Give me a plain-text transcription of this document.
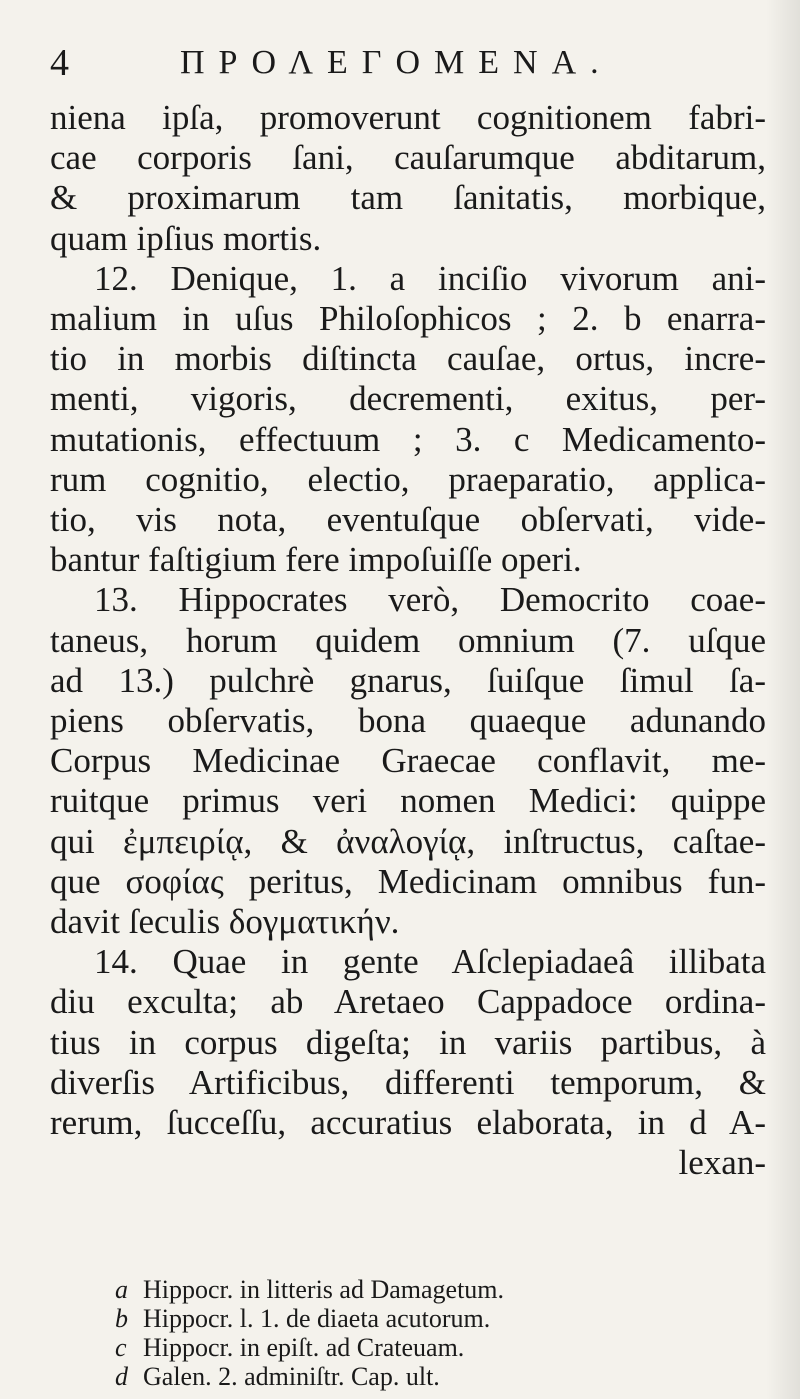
4	ΠΡΟΛΕΓΟΜΕΝΑ.
niena ipſa, promoverunt cognitionem fabri-
cae corporis ſani, cauſarumque abditarum,
& proximarum tam ſanitatis, morbique,
quam ipſius mortis.
12. Denique, 1. a inciſio vivorum ani-
malium in uſus Philoſophicos ; 2. b enarra-
tio in morbis diſtincta cauſae, ortus, incre-
menti, vigoris, decrementi, exitus, per-
mutationis, effectuum ; 3. c Medicamento-
rum cognitio, electio, praeparatio, applica-
tio, vis nota, eventuſque obſervati, vide-
bantur faſtigium fere impoſuiſſe operi.
13. Hippocrates verò, Democrito coae-
taneus, horum quidem omnium (7. uſque
ad 13.) pulchrè gnarus, ſuiſque ſimul ſa-
piens obſervatis, bona quaeque adunando
Corpus Medicinae Graecae conflavit, me-
ruitque primus veri nomen Medici: quippe
qui ἐμπειρίᾳ, & ἀναλογίᾳ, inſtructus, caſtae-
que σοφίας peritus, Medicinam omnibus fun-
davit ſeculis δογματικήν.
14. Quae in gente Aſclepiadaeâ illibata
diu exculta; ab Aretaeo Cappadoce ordina-
tius in corpus digeſta; in variis partibus, à
diverſis Artificibus, differenti temporum, &
rerum, ſucceſſu, accuratius elaborata, in d A-
lexan-
a Hippocr. in litteris ad Damagetum.
b Hippocr. l. 1. de diaeta acutorum.
c Hippocr. in epiſt. ad Crateuam.
d Galen. 2. adminiſtr. Cap. ult.
